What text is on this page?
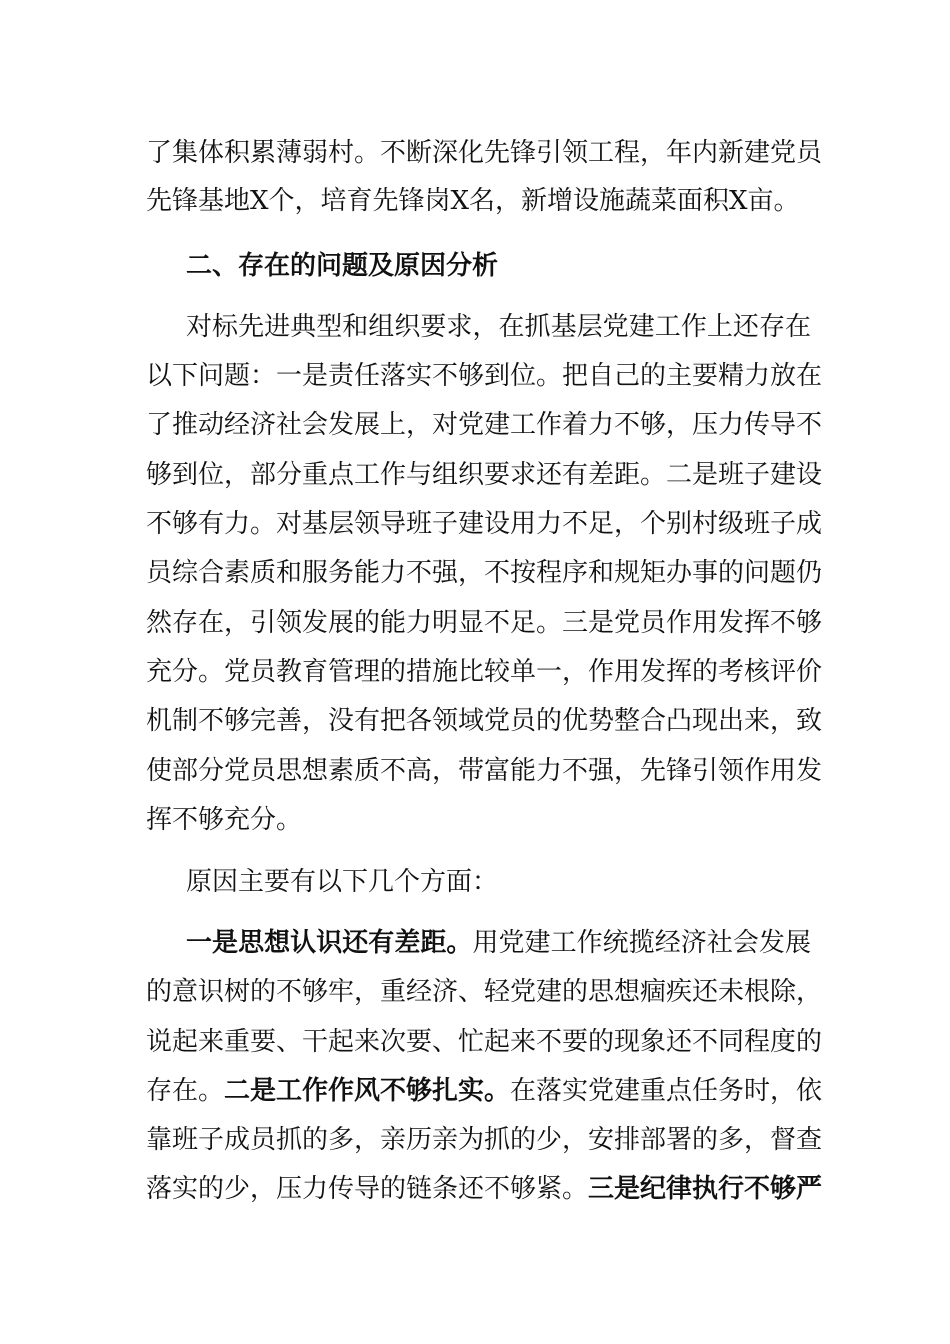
了集体积累薄弱村。不断深化先锋引领工程，年内新建党员
先锋基地X个，培育先锋岗X名，新增设施蔬菜面积X亩。
二、存在的问题及原因分析
对标先进典型和组织要求，在抓基层党建工作上还存在
以下问题：一是责任落实不够到位。把自己的主要精力放在
了推动经济社会发展上，对党建工作着力不够，压力传导不
够到位，部分重点工作与组织要求还有差距。二是班子建设
不够有力。对基层领导班子建设用力不足，个别村级班子成
员综合素质和服务能力不强，不按程序和规矩办事的问题仍
然存在，引领发展的能力明显不足。三是党员作用发挥不够
充分。党员教育管理的措施比较单一，作用发挥的考核评价
机制不够完善，没有把各领域党员的优势整合凸现出来，致
使部分党员思想素质不高，带富能力不强，先锋引领作用发
挥不够充分。
原因主要有以下几个方面：
一是思想认识还有差距。用党建工作统揽经济社会发展
的意识树的不够牢，重经济、轻党建的思想痼疾还未根除，
说起来重要、干起来次要、忙起来不要的现象还不同程度的
存在。二是工作作风不够扎实。在落实党建重点任务时，依
靠班子成员抓的多，亲历亲为抓的少，安排部署的多，督查
落实的少，压力传导的链条还不够紧。三是纪律执行不够严
